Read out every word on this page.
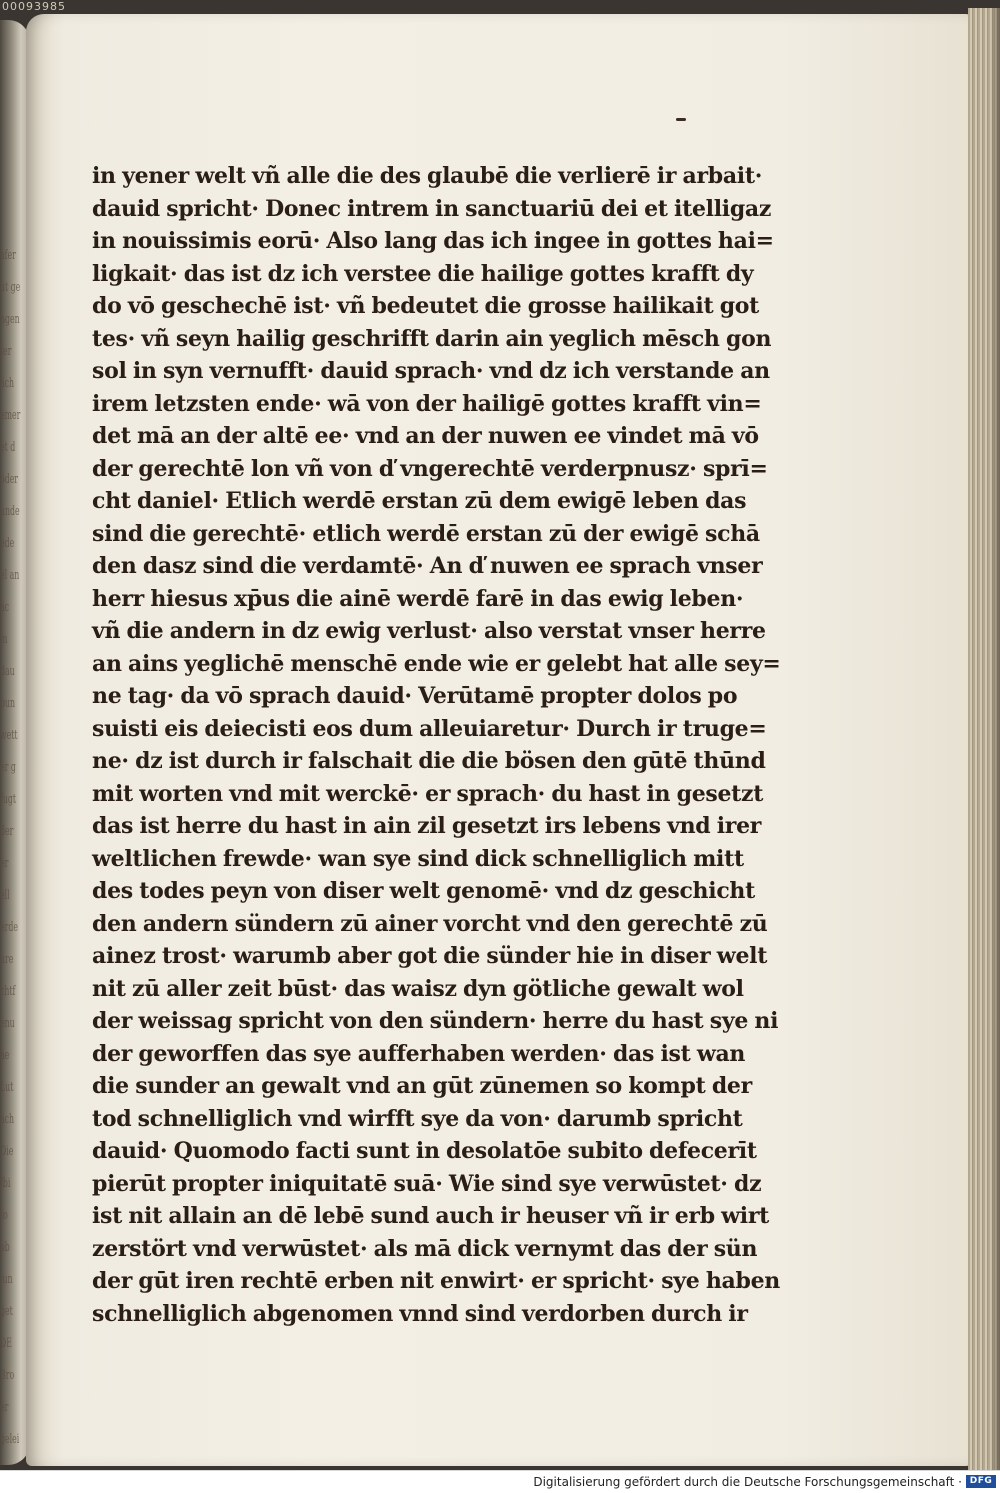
00093985
afer
ut ge
ngen
ter
ach
emer
et d
oder
unde
ede
el an
ac
m
dau
bun
wett
er g
fugt
der
er
ell
erde
ure
chtf
enu
ae
Lut
ach
Die
fbi
to
ob
lun
get
DE
Bro
er
gelei
in yener welt vñ alle die des glaubē die verlierē ir arbait·
dauid spricht· Donec intrem in sanctuariū dei et itelligaz
in nouissimis eorū· Also lang das ich ingee in gottes hai=
ligkait· das ist dz ich verstee die hailige gottes krafft dy
do vō geschechē ist· vñ bedeutet die grosse hailikait got
tes· vñ seyn hailig geschrifft darin ain yeglich mēsch gon
sol in syn vernufft· dauid sprach· vnd dz ich verstande an
irem letzsten ende· wā von der hailigē gottes krafft vin=
det mā an der altē ee· vnd an der nuwen ee vindet mā vō
der gerechtē lon vñ von ď vngerechtē verderpnusz· sprī=
cht daniel· Etlich werdē erstan zū dem ewigē leben das
sind die gerechtē· etlich werdē erstan zū der ewigē schā
den dasz sind die verdamtē· An ď nuwen ee sprach vnser
herr hiesus xp̄us die ainē werdē farē in das ewig leben·
vñ die andern in dz ewig verlust· also verstat vnser herre
an ains yeglichē menschē ende wie er gelebt hat alle sey=
ne tag· da vō sprach dauid· Verūtamē propter dolos po
suisti eis deiecisti eos dum alleuiaretur· Durch ir truge=
ne· dz ist durch ir falschait die die bösen den gūtē thūnd
mit worten vnd mit werckē· er sprach· du hast in gesetzt
das ist herre du hast in ain zil gesetzt irs lebens vnd irer
weltlichen frewde· wan sye sind dick schnelliglich mitt
des todes peyn von diser welt genomē· vnd dz geschicht
den andern sündern zū ainer vorcht vnd den gerechtē zū
ainez trost· warumb aber got die sünder hie in diser welt
nit zū aller zeit būst· das waisz dyn götliche gewalt wol
der weissag spricht von den sündern· herre du hast sye ni
der geworffen das sye aufferhaben werden· das ist wan
die sunder an gewalt vnd an gūt zūnemen so kompt der
tod schnelliglich vnd wirfft sye da von· darumb spricht
dauid· Quomodo facti sunt in desolatōe subito defecerīt
pierūt propter iniquitatē suā· Wie sind sye verwūstet· dz
ist nit allain an dē lebē sund auch ir heuser vñ ir erb wirt
zerstört vnd verwūstet· als mā dick vernymt das der sün
der gūt iren rechtē erben nit enwirt· er spricht· sye haben
schnelliglich abgenomen vnnd sind verdorben durch ir
Digitalisierung gefördert durch die Deutsche Forschungsgemeinschaft · DFG
